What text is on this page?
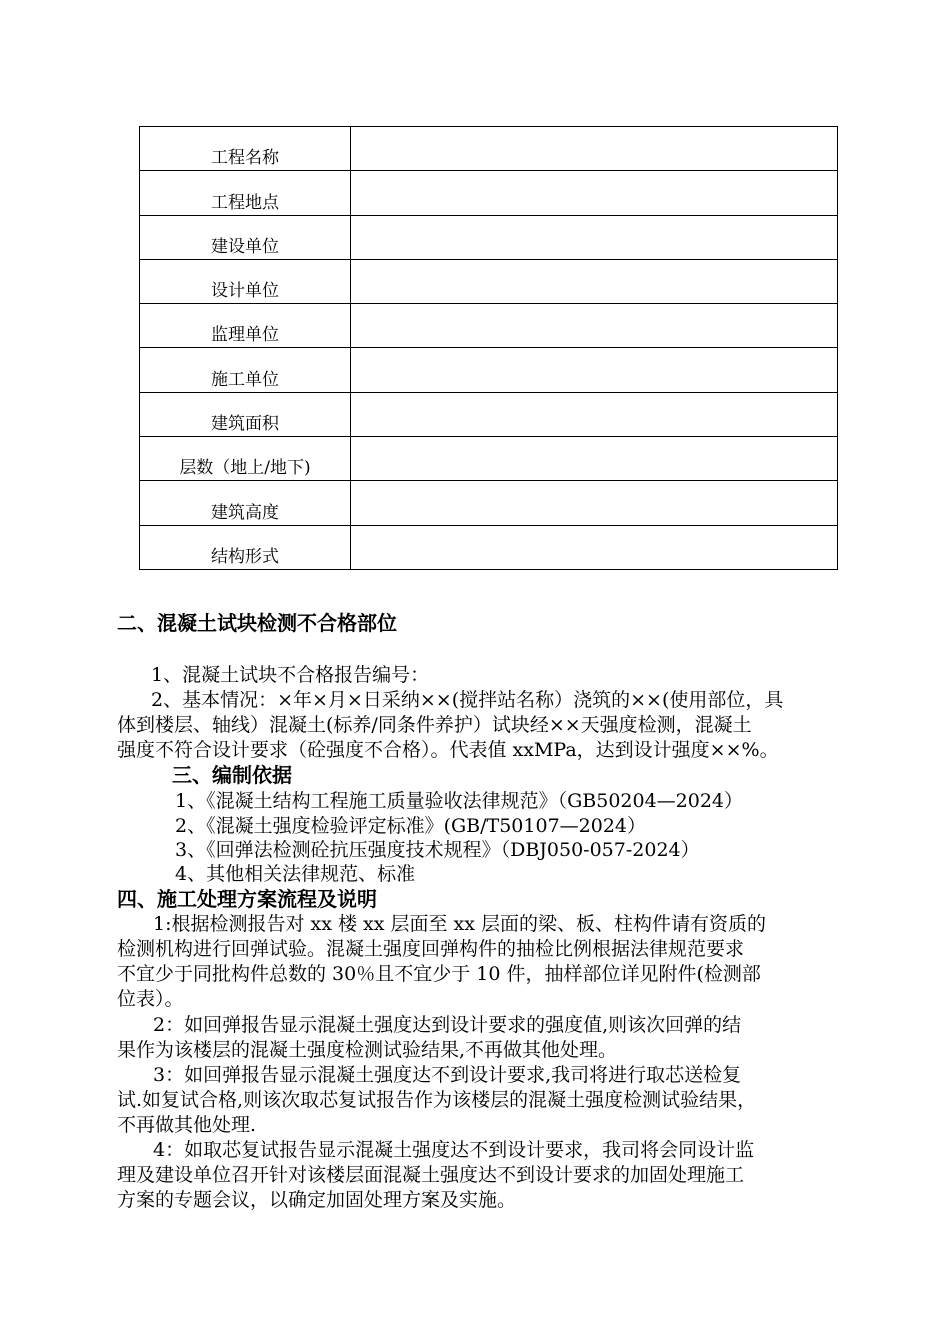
工程名称	
工程地点	
建设单位	
设计单位	
监理单位	
施工单位	
建筑面积	
层数（地上/地下)	
建筑高度	
结构形式	
二、混凝土试块检测不合格部位
1、混凝土试块不合格报告编号：
2、基本情况：×年×月×日采纳××(搅拌站名称）浇筑的××(使用部位，具
体到楼层、轴线）混凝土(标养/同条件养护）试块经××天强度检测，混凝土
强度不符合设计要求（砼强度不合格）。代表值 xxMPa，达到设计强度××%。
三、编制依据
1、《混凝土结构工程施工质量验收法律规范》（GB50204—2024）
2、《混凝土强度检验评定标准》(GB/T50107—2024）
3、《回弹法检测砼抗压强度技术规程》（DBJ050-057-2024）
4、其他相关法律规范、标准
四、施工处理方案流程及说明
1:根据检测报告对 xx 楼 xx 层面至 xx 层面的梁、板、柱构件请有资质的
检测机构进行回弹试验。混凝土强度回弹构件的抽检比例根据法律规范要求
不宜少于同批构件总数的 30％且不宜少于 10 件，抽样部位详见附件(检测部
位表）。
2：如回弹报告显示混凝土强度达到设计要求的强度值,则该次回弹的结
果作为该楼层的混凝土强度检测试验结果,不再做其他处理。
3：如回弹报告显示混凝土强度达不到设计要求,我司将进行取芯送检复
试.如复试合格,则该次取芯复试报告作为该楼层的混凝土强度检测试验结果，
不再做其他处理.
4：如取芯复试报告显示混凝土强度达不到设计要求，我司将会同设计监
理及建设单位召开针对该楼层面混凝土强度达不到设计要求的加固处理施工
方案的专题会议，以确定加固处理方案及实施。
